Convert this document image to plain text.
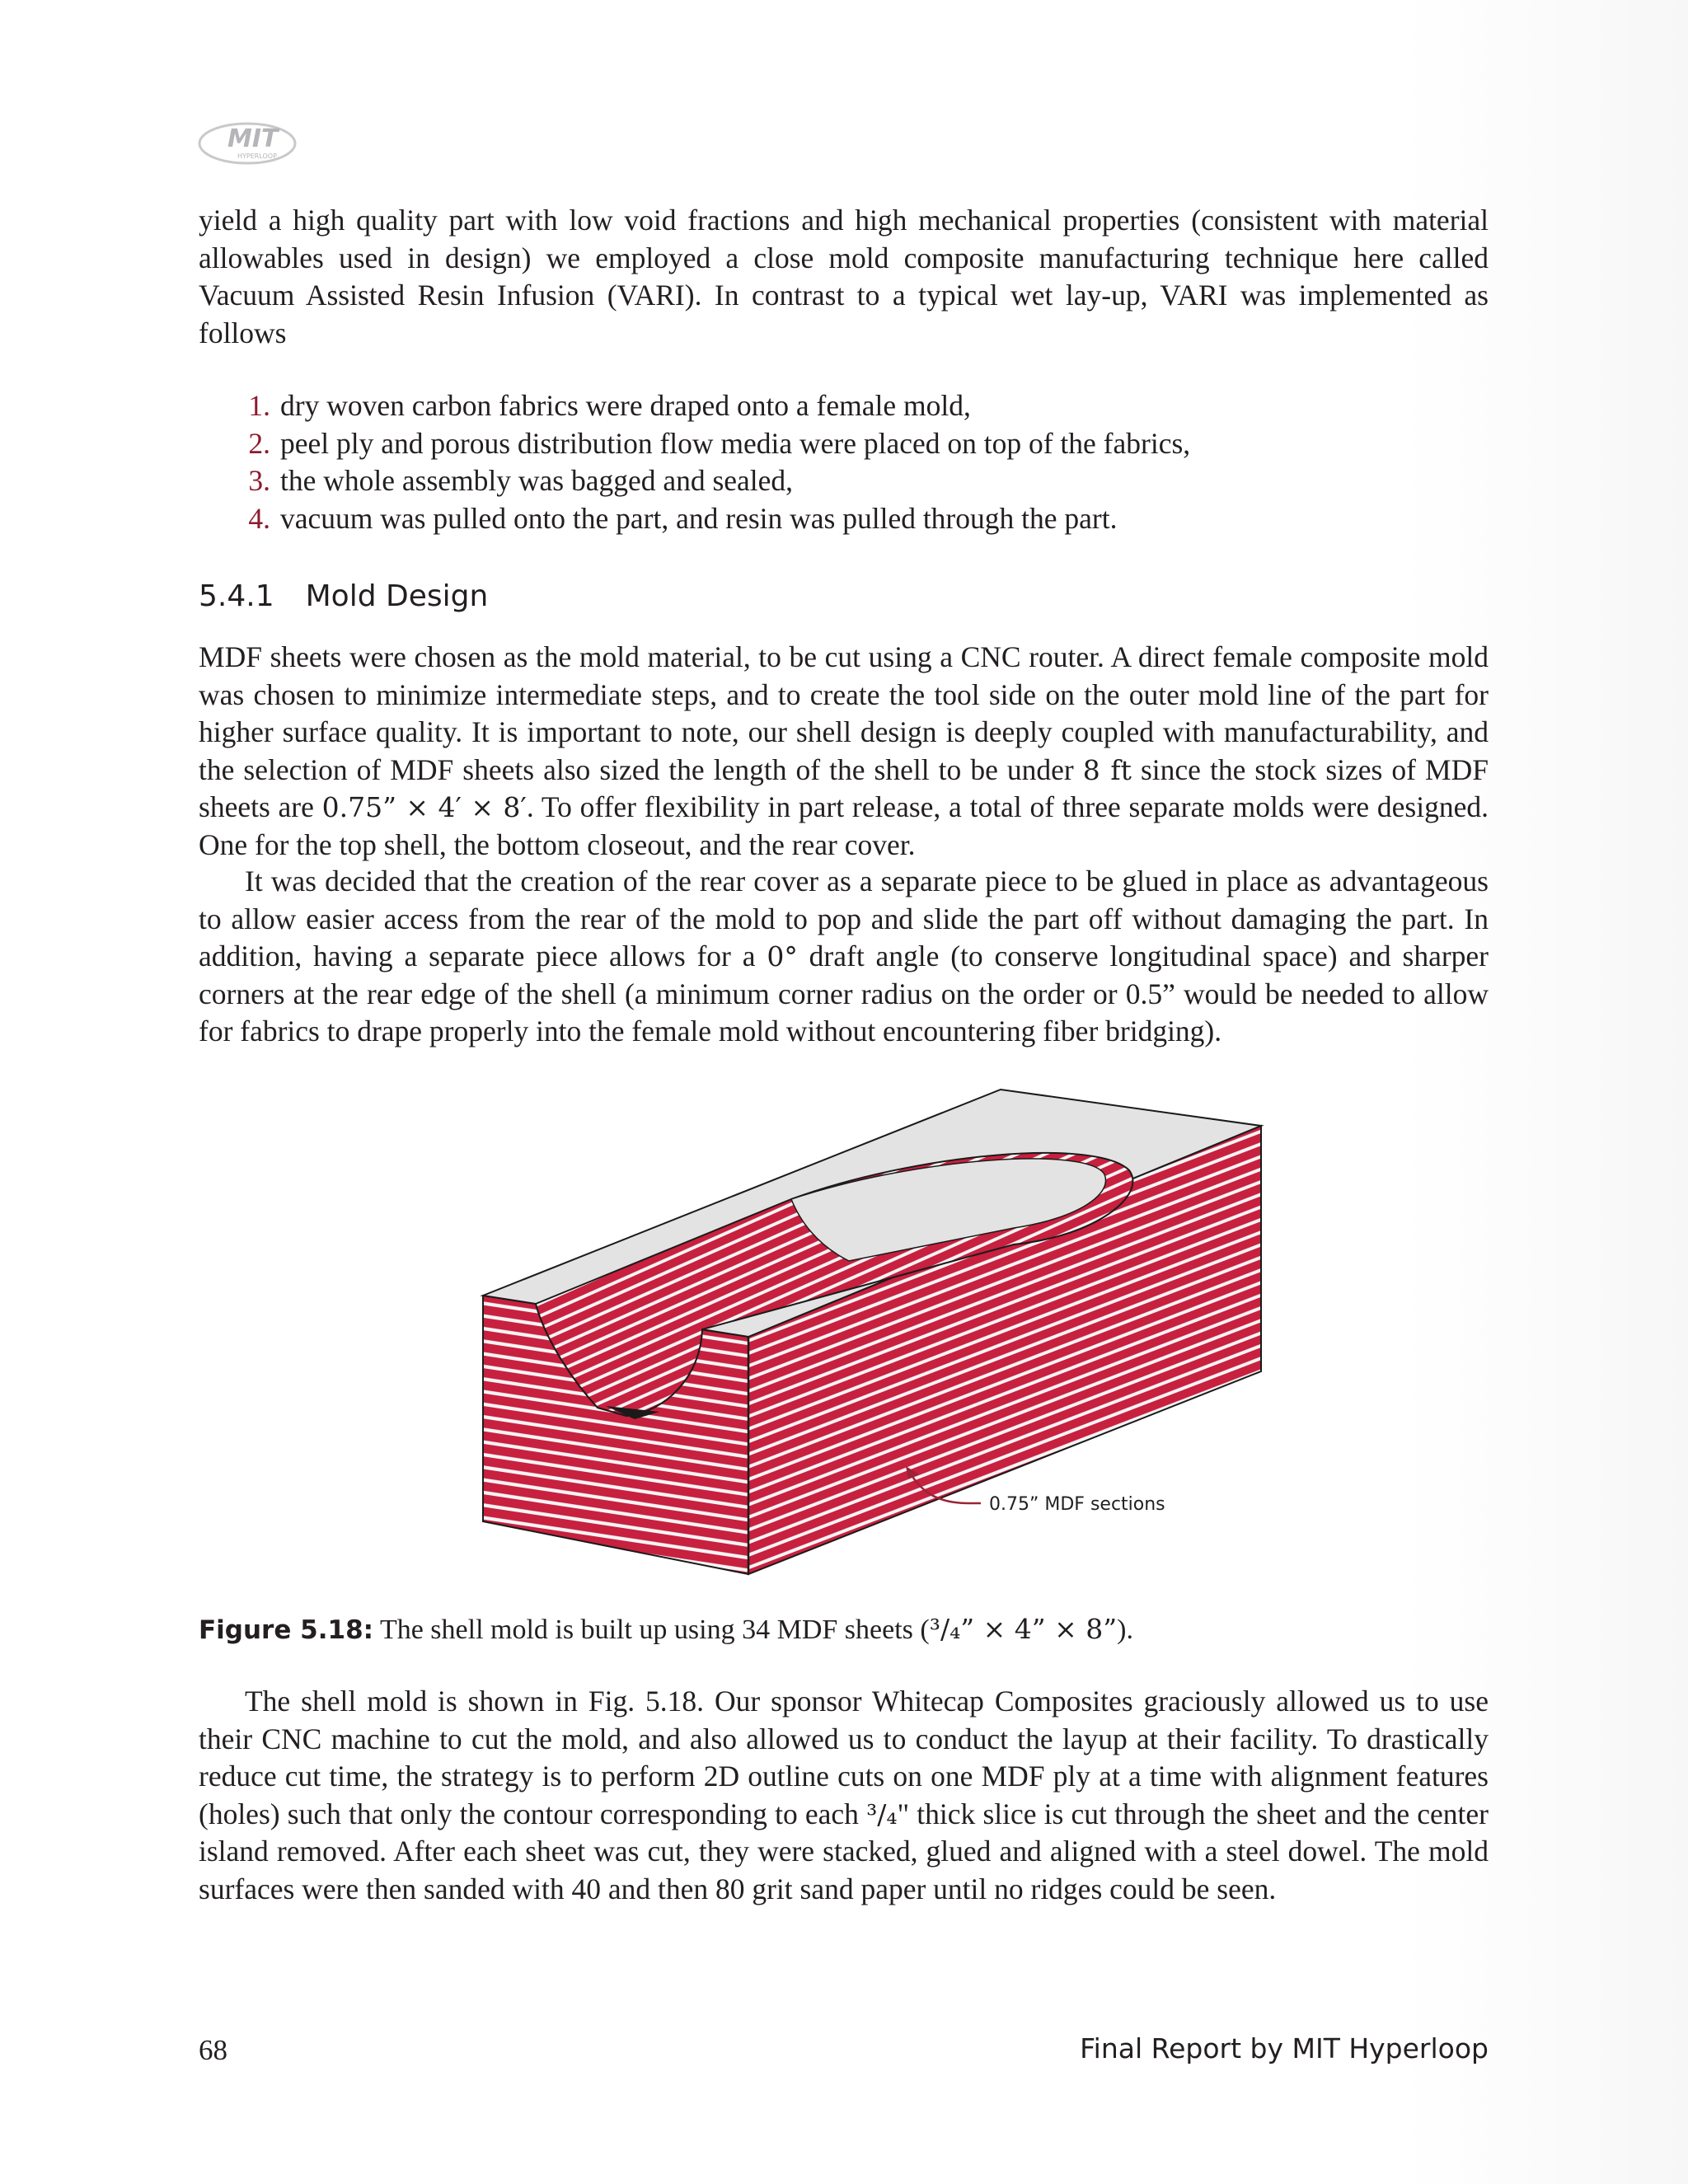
MIT
HYPERLOOP

yield a high quality part with low void fractions and high mechanical properties (consistent with material allowables used in design) we employed a close mold composite manufacturing technique here called Vacuum Assisted Resin Infusion (VARI). In contrast to a typical wet lay-up, VARI was implemented as follows

1. dry woven carbon fabrics were draped onto a female mold,
2. peel ply and porous distribution flow media were placed on top of the fabrics,
3. the whole assembly was bagged and sealed,
4. vacuum was pulled onto the part, and resin was pulled through the part.
5.4.1 Mold Design

MDF sheets were chosen as the mold material, to be cut using a CNC router. A direct female composite mold was chosen to minimize intermediate steps, and to create the tool side on the outer mold line of the part for higher surface quality. It is important to note, our shell design is deeply coupled with manufacturability, and the selection of MDF sheets also sized the length of the shell to be under 8 ft since the stock sizes of MDF sheets are 0.75” × 4′ × 8′. To offer flexibility in part release, a total of three separate molds were designed. One for the top shell, the bottom closeout, and the rear cover.

It was decided that the creation of the rear cover as a separate piece to be glued in place as advantageous to allow easier access from the rear of the mold to pop and slide the part off without damaging the part. In addition, having a separate piece allows for a 0° draft angle (to conserve longitudinal space) and sharper corners at the rear edge of the shell (a minimum corner radius on the order or 0.5” would be needed to allow for fabrics to drape properly into the female mold without encountering fiber bridging).

0.75” MDF sections
Figure 5.18: The shell mold is built up using 34 MDF sheets (³/₄” × 4” × 8”).

The shell mold is shown in Fig. 5.18. Our sponsor Whitecap Composites graciously allowed us to use their CNC machine to cut the mold, and also allowed us to conduct the layup at their facility. To drastically reduce cut time, the strategy is to perform 2D outline cuts on one MDF ply at a time with alignment features (holes) such that only the contour corresponding to each ³/₄" thick slice is cut through the sheet and the center island removed. After each sheet was cut, they were stacked, glued and aligned with a steel dowel. The mold surfaces were then sanded with 40 and then 80 grit sand paper until no ridges could be seen.

68	Final Report by MIT Hyperloop
